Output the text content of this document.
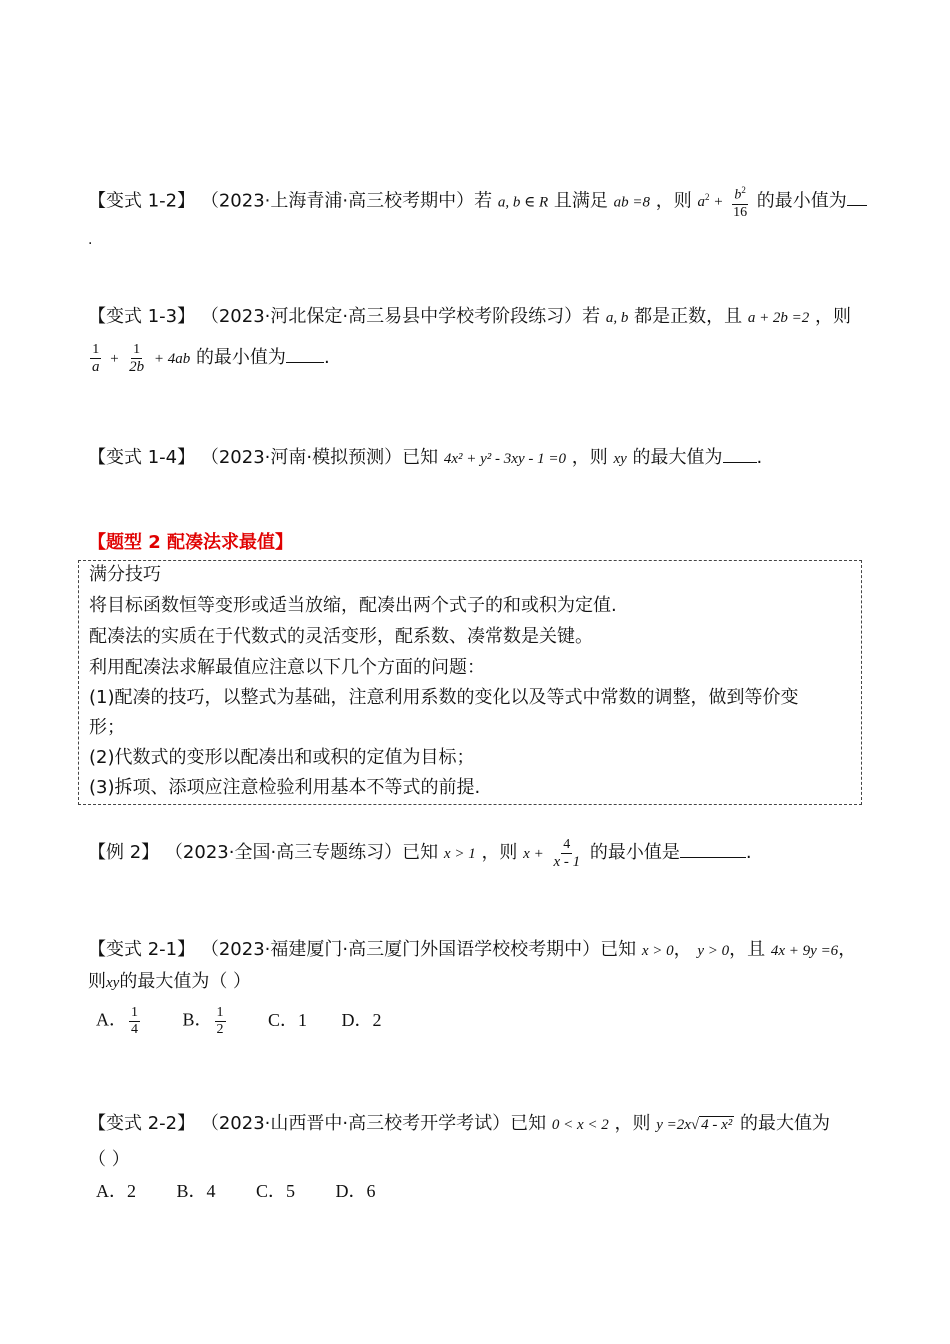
【变式 1-2】 （2023·上海青浦·高三校考期中）若 a, b ∈ R 且满足 ab =8 ，则 $a^2 + \frac{b^2}{16}$ 的最小值为
.
【变式 1-3】 （2023·河北保定·高三易县中学校考阶段练习）若 a, b 都是正数，且 a + 2b =2 ，则
$\frac{1}{a} + \frac{1}{2b} + 4ab$ 的最小值为 .
【变式 1-4】 （2023·河南·模拟预测）已知 4x² + y² - 3xy - 1 =0 ，则 xy 的最大值为 .
【题型 2 配凑法求最值】
满分技巧
将目标函数恒等变形或适当放缩，配凑出两个式子的和或积为定值.
配凑法的实质在于代数式的灵活变形，配系数、凑常数是关键。
利用配凑法求解最值应注意以下几个方面的问题：
(1)配凑的技巧，以整式为基础，注意利用系数的变化以及等式中常数的调整，做到等价变
形；
(2)代数式的变形以配凑出和或积的定值为目标；
(3)拆项、添项应注意检验利用基本不等式的前提.
【例 2】 （2023·全国·高三专题练习）已知 x > 1 ，则 $x + \frac{4}{x - 1}$ 的最小值是	.
【变式 2-1】 （2023·福建厦门·高三厦门外国语学校校考期中）已知 x > 0， y > 0，且 4x + 9y =6，
则xy的最大值为（ ）
A． $\frac{1}{4}$ B． $\frac{1}{2}$ C．1 D．2
【变式 2-2】 （2023·山西晋中·高三校考开学考试）已知 0 < x < 2 ，则 y =2x√ 4 - x² 的最大值为
（ ）
A．2 B．4 C．5 D．6
